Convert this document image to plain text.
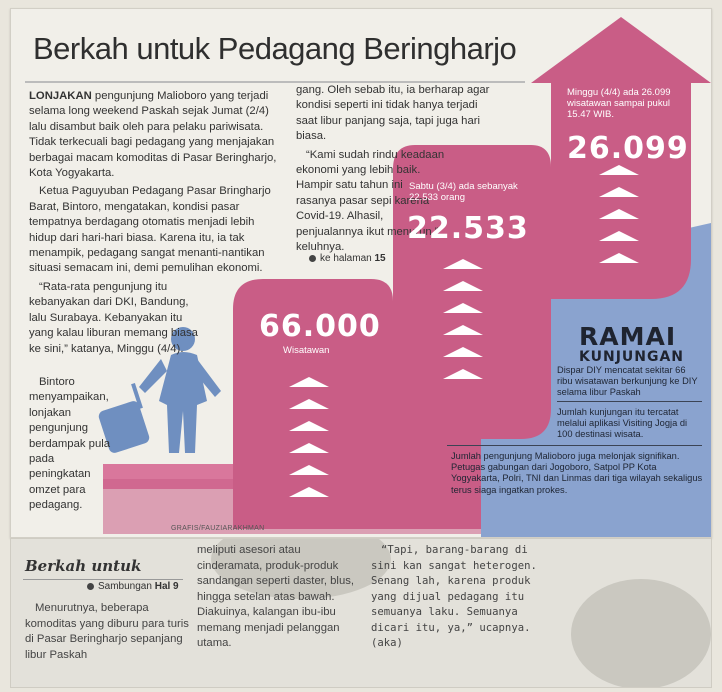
Berkah untuk Pedagang Beringharjo

LONJAKAN pengunjung Malioboro yang terjadi selama long weekend Paskah sejak Jumat (2/4) lalu disambut baik oleh para pelaku pariwisata. Tidak terkecuali bagi pedagang yang menjajakan berbagai macam komoditas di Pasar Beringharjo, Kota Yogyakarta.

Ketua Paguyuban Pedagang Pasar Bringharjo Barat, Bintoro, mengatakan, kondisi pasar tempatnya berdagang otomatis menjadi lebih hidup dari hari-hari biasa. Karena itu, ia tak menampik, pedagang sangat menanti-nantikan situasi semacam ini, demi pemulihan ekonomi.

“Rata-rata pengunjung itu kebanyakan dari DKI, Bandung, lalu Surabaya. Kebanyakan itu yang kalau liburan memang biasa ke sini,” katanya, Minggu (4/4).

Bintoro menyampaikan, lonjakan pengunjung berdampak pula pada peningkatan omzet para pedagang.

gang. Oleh sebab itu, ia berharap agar kondisi seperti ini tidak hanya terjadi saat libur panjang saja, tapi juga hari biasa.

“Kami sudah rindu keadaan ekonomi yang lebih baik. Hampir satu tahun ini rasanya pasar sepi karena Covid-19. Alhasil, penjualannya ikut menurun,” keluhnya.

ke halaman 15
66.000
Wisatawan
Sabtu (3/4) ada sebanyak 22.533 orang
22.533
Minggu (4/4) ada 26.099 wisatawan sampai pukul 15.47 WIB.
26.099
RAMAI
KUNJUNGAN
Dispar DIY mencatat sekitar 66 ribu wisatawan berkunjung ke DIY selama libur Paskah
Jumlah kunjungan itu tercatat melalui aplikasi Visiting Jogja di 100 destinasi wisata.
Jumlah pengunjung Malioboro juga melonjak signifikan. Petugas gabungan dari Jogoboro, Satpol PP Kota Yogyakarta, Polri, TNI dan Linmas dari tiga wilayah sekaligus terus siaga ingatkan prokes.
GRAFIS/FAUZIARAKHMAN
Berkah untuk
Sambungan Hal 9
Menurutnya, beberapa komoditas yang diburu para turis di Pasar Beringharjo sepanjang libur Paskah
meliputi asesori atau cinderamata, produk-produk sandangan seperti daster, blus, hingga setelan atas bawah. Diakuinya, kalangan ibu-ibu memang menjadi pelanggan utama.
“Tapi, barang-barang di sini kan sangat heterogen. Senang lah, karena produk yang dijual pedagang itu semuanya laku. Semuanya dicari itu, ya,” ucapnya. (aka)
